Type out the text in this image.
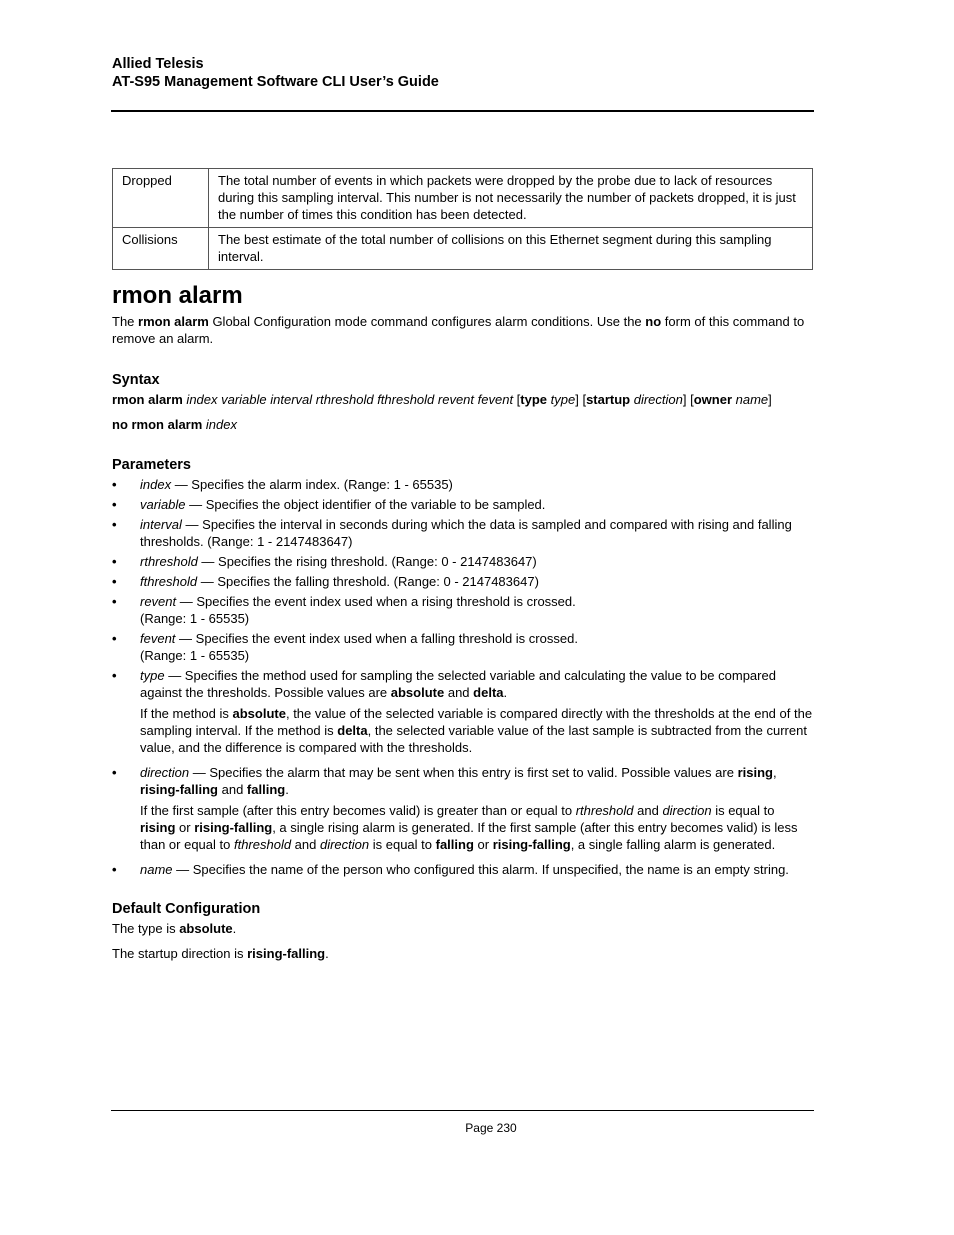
Allied Telesis
AT-S95 Management Software CLI User’s Guide
Dropped	The total number of events in which packets were dropped by the probe due to lack of resources during this sampling interval. This number is not necessarily the number of packets dropped, it is just the number of times this condition has been detected.
Collisions	The best estimate of the total number of collisions on this Ethernet segment during this sampling interval.
rmon alarm

The rmon alarm Global Configuration mode command configures alarm conditions. Use the no form of this command to remove an alarm.

Syntax

rmon alarm index variable interval rthreshold fthreshold revent fevent [type type] [startup direction] [owner name]

no rmon alarm index

Parameters
• index — Specifies the alarm index. (Range: 1 - 65535)
• variable — Specifies the object identifier of the variable to be sampled.
• interval — Specifies the interval in seconds during which the data is sampled and compared with rising and falling thresholds. (Range: 1 - 2147483647)
• rthreshold — Specifies the rising threshold. (Range: 0 - 2147483647)
• fthreshold — Specifies the falling threshold. (Range: 0 - 2147483647)
• revent — Specifies the event index used when a rising threshold is crossed.
(Range: 1 - 65535)
• fevent — Specifies the event index used when a falling threshold is crossed.
(Range: 1 - 65535)
• type — Specifies the method used for sampling the selected variable and calculating the value to be compared against the thresholds. Possible values are absolute and delta.

If the method is absolute, the value of the selected variable is compared directly with the thresholds at the end of the sampling interval. If the method is delta, the selected variable value of the last sample is subtracted from the current value, and the difference is compared with the thresholds.

• direction — Specifies the alarm that may be sent when this entry is first set to valid. Possible values are rising, rising-falling and falling.

If the first sample (after this entry becomes valid) is greater than or equal to rthreshold and direction is equal to rising or rising-falling, a single rising alarm is generated. If the first sample (after this entry becomes valid) is less than or equal to fthreshold and direction is equal to falling or rising-falling, a single falling alarm is generated.

• name — Specifies the name of the person who configured this alarm. If unspecified, the name is an empty string.
Default Configuration

The type is absolute.

The startup direction is rising-falling.

Page 230
